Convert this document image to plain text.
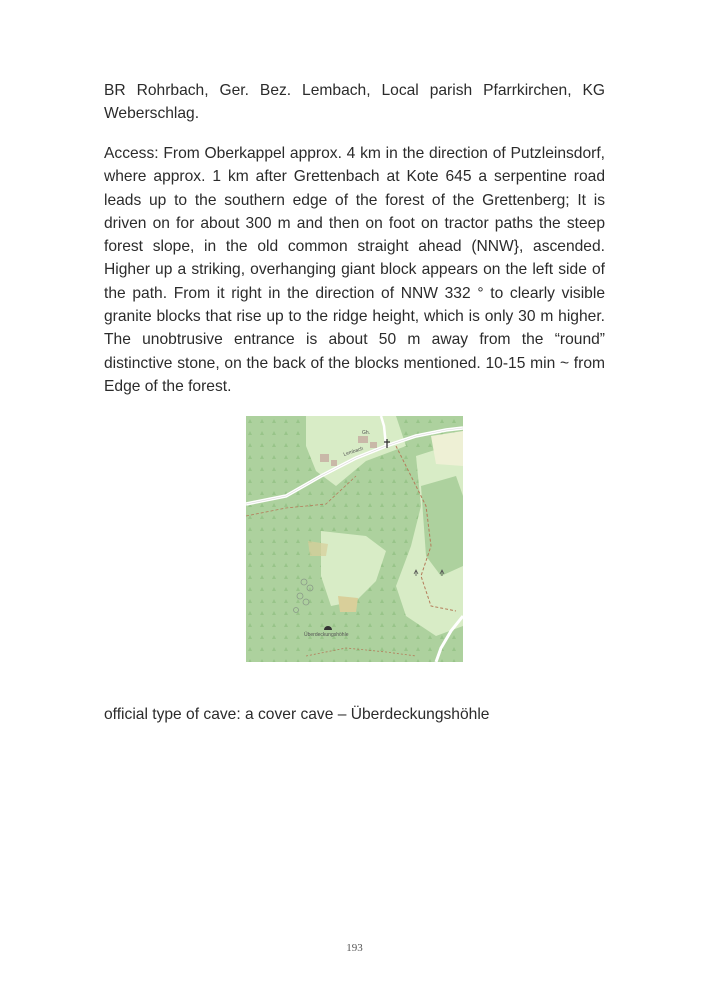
BR Rohrbach, Ger. Bez. Lembach, Local parish Pfarrkirchen, KG Weberschlag.

Access: From Oberkappel approx. 4 km in the direction of Putzleinsdorf, where approx. 1 km after Grettenbach at Kote 645 a serpentine road leads up to the southern edge of the forest of the Grettenberg; It is driven on for about 300 m and then on foot on tractor paths the steep forest slope, in the old common straight ahead (NNW}, ascended. Higher up a striking, overhanging giant block appears on the left side of the path. From it right in the direction of NNW 332 ° to clearly visible granite blocks that rise up to the ridge height, which is only 30 m higher. The unobtrusive entrance is about 50 m away from the “round” distinctive stone, on the back of the blocks mentioned. 10-15 min ~ from Edge of the forest.

Lembach
Gh.
Überdeckungshöhle

official type of cave: a cover cave – Überdeckungshöhle

193
